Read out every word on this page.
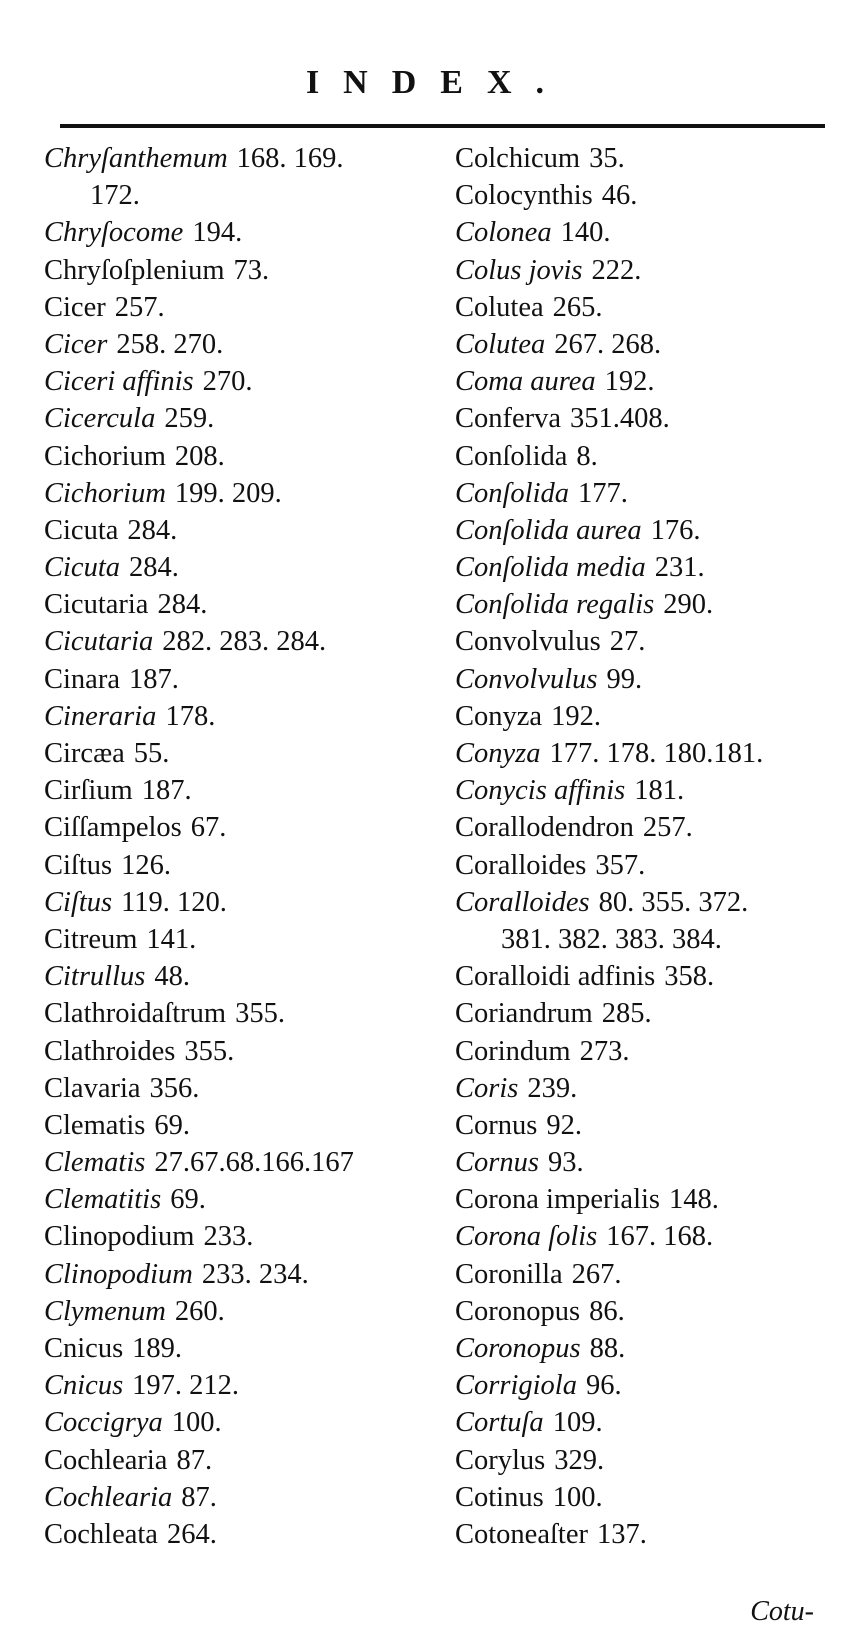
INDEX.
Chryſanthemum 168. 169.
172.
Chryſocome 194.
Chryſoſplenium 73.
Cicer 257.
Cicer 258. 270.
Ciceri affinis 270.
Cicercula 259.
Cichorium 208.
Cichorium 199. 209.
Cicuta 284.
Cicuta 284.
Cicutaria 284.
Cicutaria 282. 283. 284.
Cinara 187.
Cineraria 178.
Circæa 55.
Cirſium 187.
Ciſſampelos 67.
Ciſtus 126.
Ciſtus 119. 120.
Citreum 141.
Citrullus 48.
Clathroidaſtrum 355.
Clathroides 355.
Clavaria 356.
Clematis 69.
Clematis 27.67.68.166.167
Clematitis 69.
Clinopodium 233.
Clinopodium 233. 234.
Clymenum 260.
Cnicus 189.
Cnicus 197. 212.
Coccigrya 100.
Cochlearia 87.
Cochlearia 87.
Cochleata 264.
Colchicum 35.
Colocynthis 46.
Colonea 140.
Colus jovis 222.
Colutea 265.
Colutea 267. 268.
Coma aurea 192.
Conferva 351.408.
Conſolida 8.
Conſolida 177.
Conſolida aurea 176.
Conſolida media 231.
Conſolida regalis 290.
Convolvulus 27.
Convolvulus 99.
Conyza 192.
Conyza 177. 178. 180.181.
Conycis affinis 181.
Corallodendron 257.
Coralloides 357.
Coralloides 80. 355. 372.
381. 382. 383. 384.
Coralloidi adfinis 358.
Coriandrum 285.
Corindum 273.
Coris 239.
Cornus 92.
Cornus 93.
Corona imperialis 148.
Corona ſolis 167. 168.
Coronilla 267.
Coronopus 86.
Coronopus 88.
Corrigiola 96.
Cortuſa 109.
Corylus 329.
Cotinus 100.
Cotoneaſter 137.
Cotu-
